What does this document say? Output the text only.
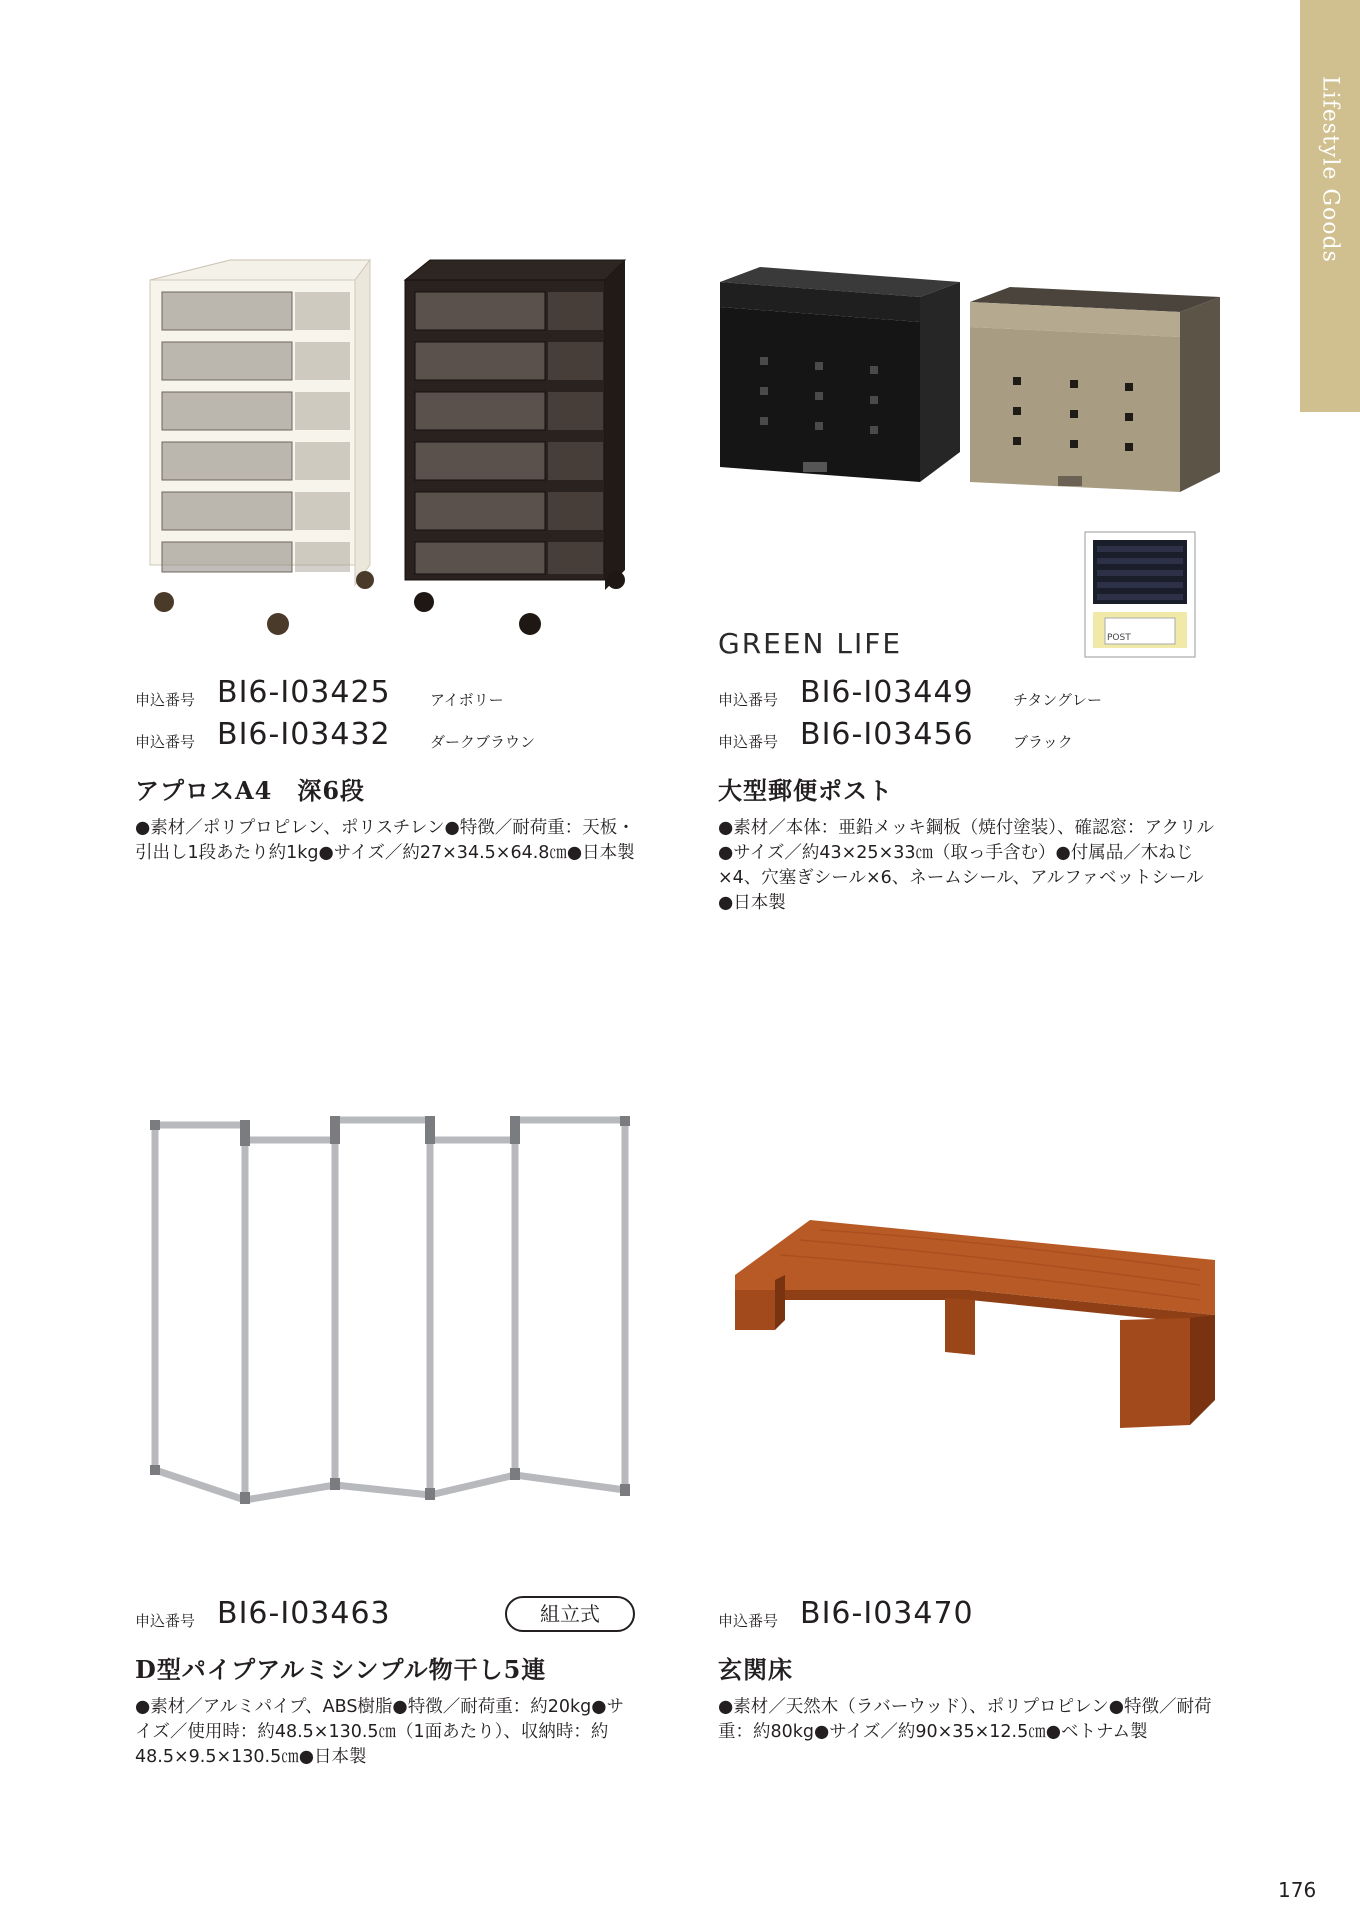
Lifestyle Goods
POST
申込番号 BI6-I03425	アイボリー
申込番号 BI6-I03432	ダークブラウン
アプロスA4　深6段
●素材／ポリプロピレン、ポリスチレン●特徴／耐荷重：天板・引出し1段あたり約1kg●サイズ／約27×34.5×64.8㎝●日本製
GREEN LIFE
申込番号 BI6-I03449	チタングレー
申込番号 BI6-I03456	ブラック
大型郵便ポスト
●素材／本体：亜鉛メッキ鋼板（焼付塗装）、確認窓：アクリル●サイズ／約43×25×33㎝（取っ手含む）●付属品／木ねじ×4、穴塞ぎシール×6、ネームシール、アルファベットシール●日本製
申込番号 BI6-I03463	組立式
D型パイプアルミシンプル物干し5連
●素材／アルミパイプ、ABS樹脂●特徴／耐荷重：約20kg●サイズ／使用時：約48.5×130.5㎝（1面あたり）、収納時：約48.5×9.5×130.5㎝●日本製
申込番号 BI6-I03470
玄関床
●素材／天然木（ラバーウッド）、ポリプロピレン●特徴／耐荷重：約80kg●サイズ／約90×35×12.5㎝●ベトナム製
176
